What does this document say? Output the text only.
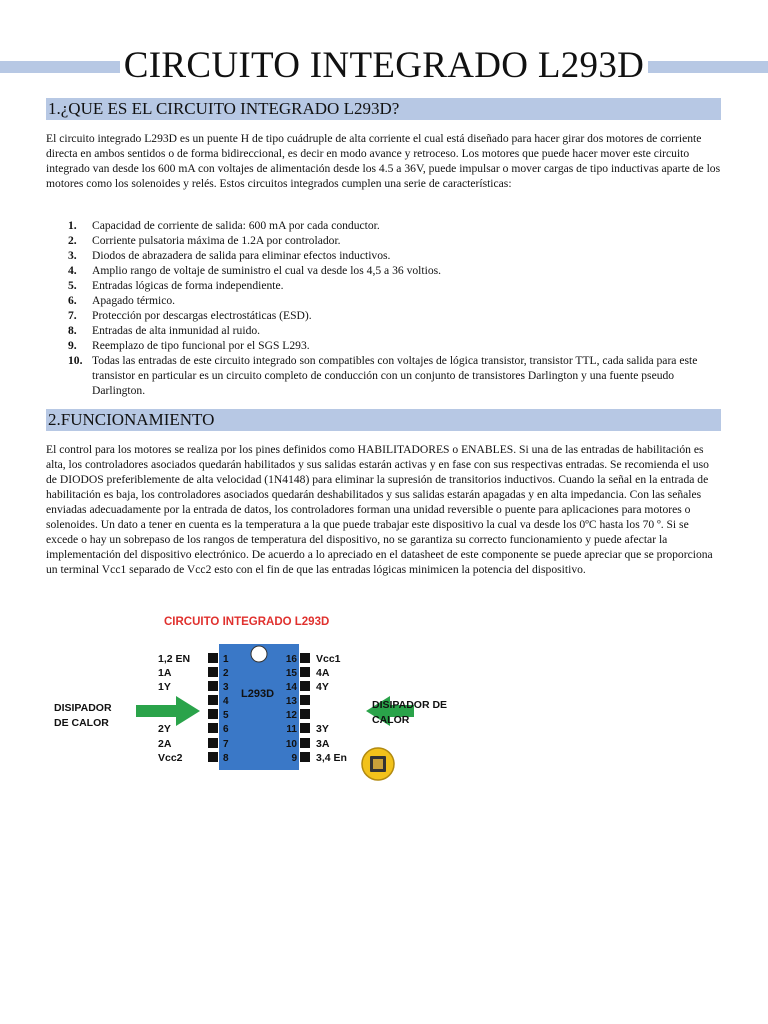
CIRCUITO INTEGRADO L293D
1.¿QUE ES EL CIRCUITO INTEGRADO L293D?

El circuito integrado L293D es un puente H de tipo cuádruple de alta corriente el cual está diseñado para hacer girar dos motores de corriente directa en ambos sentidos o de forma bidireccional, es decir en modo avance y retroceso. Los motores que puede hacer mover este circuito integrado van desde los 600 mA con voltajes de alimentación desde los 4.5 a 36V, puede impulsar o mover cargas de tipo inductivas aparte de los motores como los solenoides y relés. Estos circuitos integrados cumplen una serie de características:

1.	Capacidad de corriente de salida: 600 mA por cada conductor.
2.	Corriente pulsatoria máxima de 1.2A por controlador.
3.	Diodos de abrazadera de salida para eliminar efectos inductivos.
4.	Amplio rango de voltaje de suministro el cual va desde los 4,5 a 36 voltios.
5.	Entradas lógicas de forma independiente.
6.	Apagado térmico.
7.	Protección por descargas electrostáticas (ESD).
8.	Entradas de alta inmunidad al ruido.
9.	Reemplazo de tipo funcional por el SGS L293.
10. Todas las entradas de este circuito integrado son compatibles con voltajes de lógica transistor, transistor TTL, cada salida para este transistor en particular es un circuito completo de conducción con un conjunto de transistores Darlington y una fuente pseudo Darlington.
2.FUNCIONAMIENTO

El control para los motores se realiza por los pines definidos como HABILITADORES o ENABLES. Si una de las entradas de habilitación es alta, los controladores asociados quedarán habilitados y sus salidas estarán activas y en fase con sus respectivas entradas. Se recomienda el uso de DIODOS preferiblemente de alta velocidad (1N4148) para eliminar la supresión de transitorios inductivos. Cuando la señal en la entrada de habilitación es baja, los controladores asociados quedarán deshabilitados y sus salidas estarán apagadas y en alta impedancia. Con las señales enviadas adecuadamente por la entrada de datos, los controladores forman una unidad reversible o puente para aplicaciones para motores o solenoides. Un dato a tener en cuenta es la temperatura a la que puede trabajar este dispositivo la cual va desde los 0ºC hasta los 70 º. Si se excede o hay un sobrepaso de los rangos de temperatura del dispositivo, no se garantiza su correcto funcionamiento y puede afectar la implementación del dispositivo electrónico. De acuerdo a lo apreciado en el datasheet de este componente se puede apreciar que se proporciona un terminal Vcc1 separado de Vcc2 esto con el fin de que las entradas lógicas minimicen la potencia del dispositivo.

CIRCUITO INTEGRADO L293D
L293D
1
1,2 EN
2
1A
3
1Y
4
5
6
2Y
7
2A
8
Vcc2
16 Vcc1
15 4A
14 4Y
13
12
11 3Y
10 3A
9 3,4 En
DISIPADOR
DE CALOR
DISIPADOR DE
CALOR
